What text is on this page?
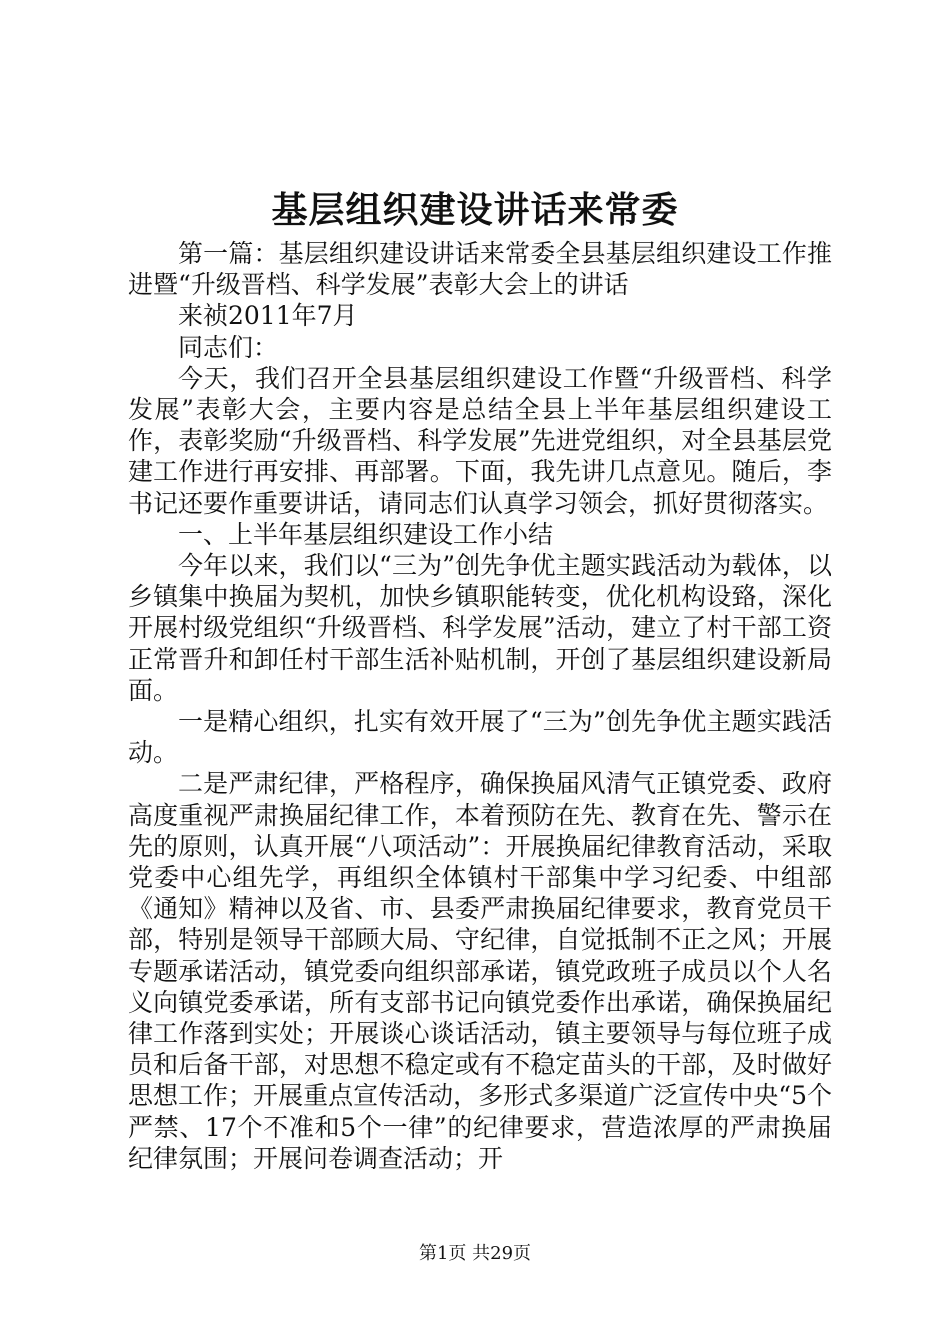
基层组织建设讲话来常委

第一篇：基层组织建设讲话来常委全县基层组织建设工作推进暨“升级晋档、科学发展”表彰大会上的讲话

来祯2011年7月

同志们：

今天，我们召开全县基层组织建设工作暨“升级晋档、科学发展”表彰大会，主要内容是总结全县上半年基层组织建设工作，表彰奖励“升级晋档、科学发展”先进党组织，对全县基层党建工作进行再安排、再部署。下面，我先讲几点意见。随后，李书记还要作重要讲话，请同志们认真学习领会，抓好贯彻落实。

一、上半年基层组织建设工作小结

今年以来，我们以“三为”创先争优主题实践活动为载体，以乡镇集中换届为契机，加快乡镇职能转变，优化机构设臵，深化开展村级党组织“升级晋档、科学发展”活动，建立了村干部工资正常晋升和卸任村干部生活补贴机制，开创了基层组织建设新局面。

一是精心组织，扎实有效开展了“三为”创先争优主题实践活动。

二是严肃纪律，严格程序，确保换届风清气正镇党委、政府高度重视严肃换届纪律工作，本着预防在先、教育在先、警示在先的原则，认真开展“八项活动”：开展换届纪律教育活动，采取党委中心组先学，再组织全体镇村干部集中学习纪委、中组部《通知》精神以及省、市、县委严肃换届纪律要求，教育党员干部，特别是领导干部顾大局、守纪律，自觉抵制不正之风；开展专题承诺活动，镇党委向组织部承诺，镇党政班子成员以个人名义向镇党委承诺，所有支部书记向镇党委作出承诺，确保换届纪律工作落到实处；开展谈心谈话活动，镇主要领导与每位班子成员和后备干部，对思想不稳定或有不稳定苗头的干部，及时做好思想工作；开展重点宣传活动，多形式多渠道广泛宣传中央“5个严禁、17个不准和5个一律”的纪律要求，营造浓厚的严肃换届纪律氛围；开展问卷调查活动；开

第1页 共29页
